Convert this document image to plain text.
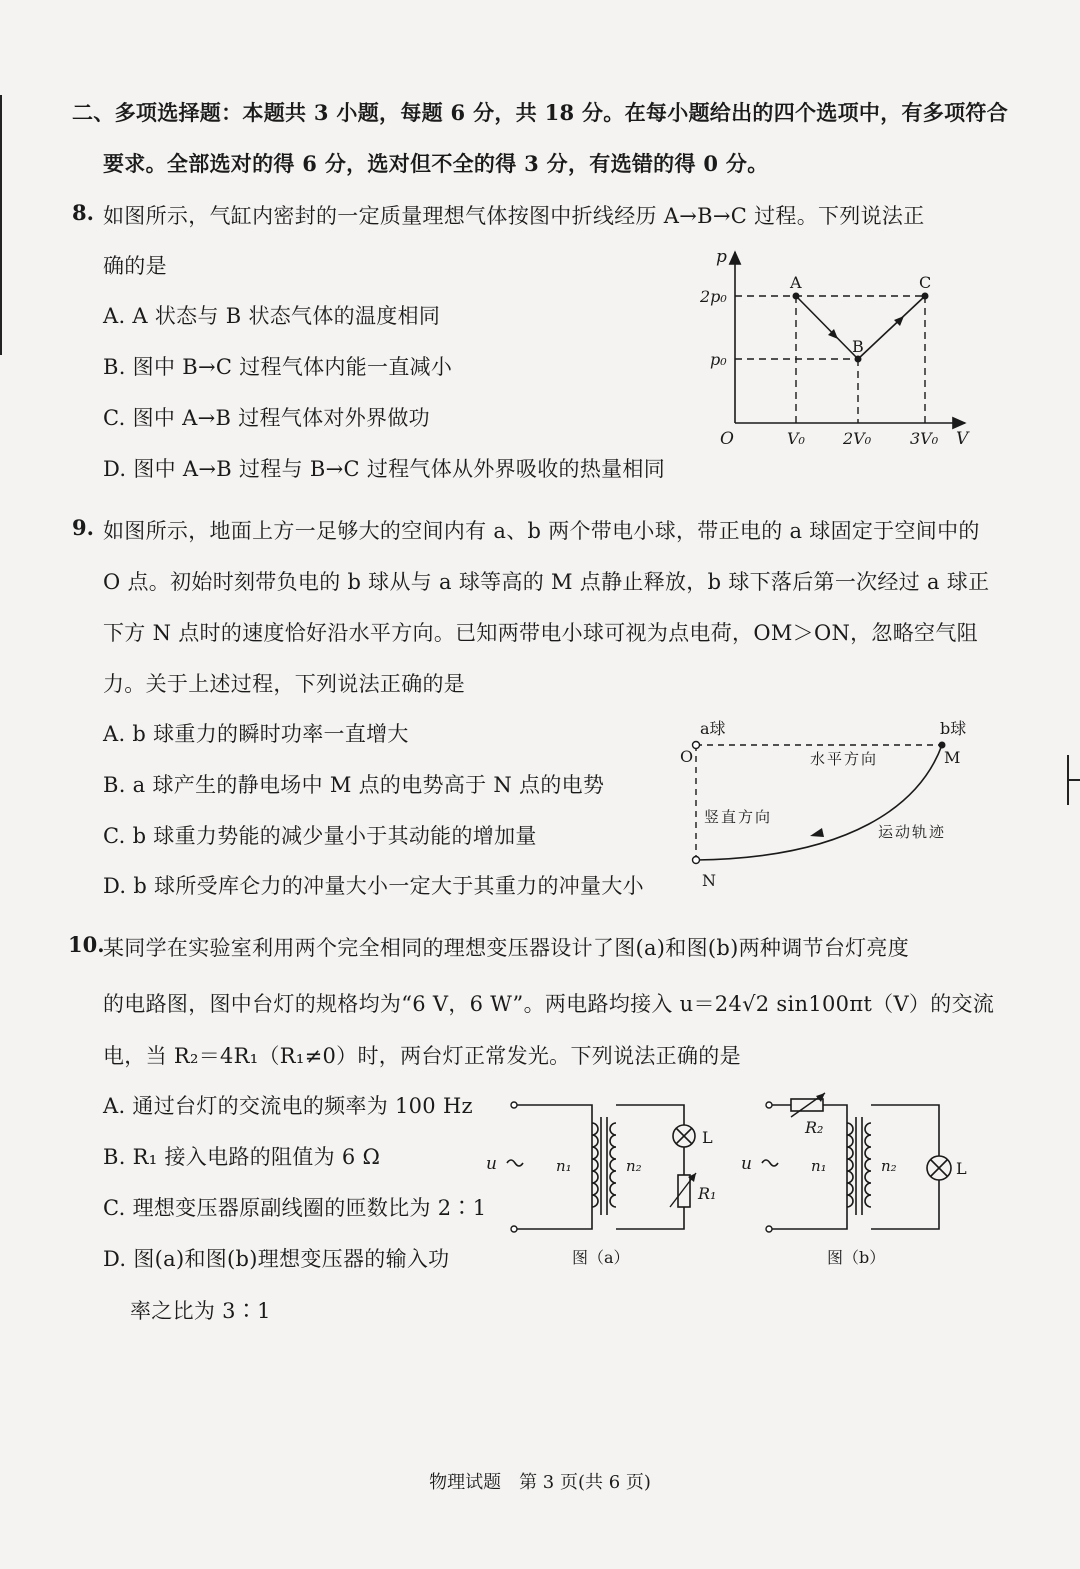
二、多项选择题：本题共 3 小题，每题 6 分，共 18 分。在每小题给出的四个选项中，有多项符合
要求。全部选对的得 6 分，选对但不全的得 3 分，有选错的得 0 分。
8. 如图所示，气缸内密封的一定质量理想气体按图中折线经历 A→B→C 过程。下列说法正
确的是
A. A 状态与 B 状态气体的温度相同
B. 图中 B→C 过程气体内能一直减小
C. 图中 A→B 过程气体对外界做功
D. 图中 A→B 过程与 B→C 过程气体从外界吸收的热量相同
p
V
O
2p₀
p₀
V₀ 2V₀ 3V₀
A
B
C
9. 如图所示，地面上方一足够大的空间内有 a、b 两个带电小球，带正电的 a 球固定于空间中的
O 点。初始时刻带负电的 b 球从与 a 球等高的 M 点静止释放，b 球下落后第一次经过 a 球正
下方 N 点时的速度恰好沿水平方向。已知两带电小球可视为点电荷，OM＞ON，忽略空气阻
力。关于上述过程，下列说法正确的是
A. b 球重力的瞬时功率一直增大
B. a 球产生的静电场中 M 点的电势高于 N 点的电势
C. b 球重力势能的减少量小于其动能的增加量
D. b 球所受库仑力的冲量大小一定大于其重力的冲量大小
a球	b球
O	M
N
水平方向
竖直方向
运动轨迹
10.
某同学在实验室利用两个完全相同的理想变压器设计了图(a)和图(b)两种调节台灯亮度
的电路图，图中台灯的规格均为“6 V，6 W”。两电路均接入 u＝24√2 sin100πt（V）的交流
电，当 R₂＝4R₁（R₁≠0）时，两台灯正常发光。下列说法正确的是
A. 通过台灯的交流电的频率为 100 Hz
B. R₁ 接入电路的阻值为 6 Ω
C. 理想变压器原副线圈的匝数比为 2∶1
D. 图(a)和图(b)理想变压器的输入功
率之比为 3∶1
u	n₁	n₂
L
R₁
图（a）
u	n₁	n₂	L
R₂
图（b）
物理试题　第 3 页(共 6 页)
